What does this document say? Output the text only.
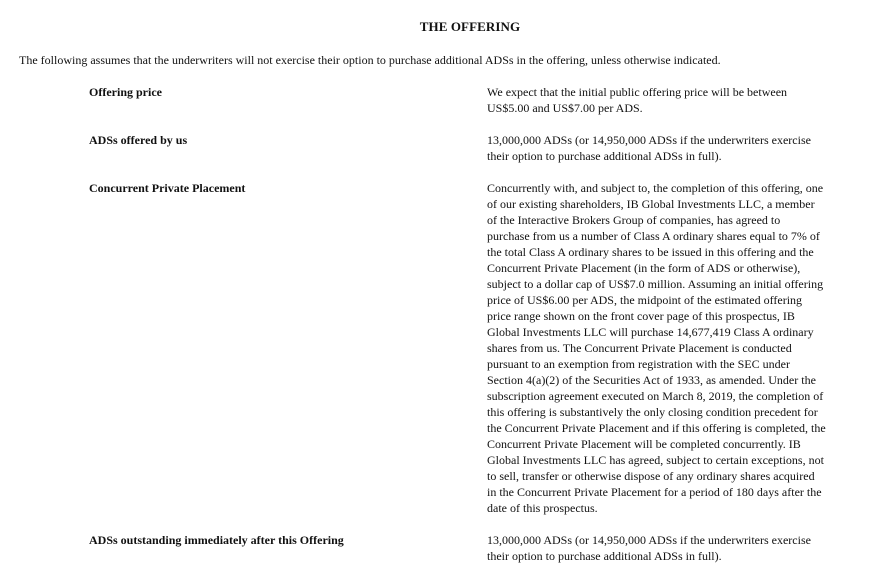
THE OFFERING
The following assumes that the underwriters will not exercise their option to purchase additional ADSs in the offering, unless otherwise indicated.
Offering price	We expect that the initial public offering price will be between
US$5.00 and US$7.00 per ADS.
ADSs offered by us	13,000,000 ADSs (or 14,950,000 ADSs if the underwriters exercise
their option to purchase additional ADSs in full).
Concurrent Private Placement	Concurrently with, and subject to, the completion of this offering, one
of our existing shareholders, IB Global Investments LLC, a member
of the Interactive Brokers Group of companies, has agreed to
purchase from us a number of Class A ordinary shares equal to 7% of
the total Class A ordinary shares to be issued in this offering and the
Concurrent Private Placement (in the form of ADS or otherwise),
subject to a dollar cap of US$7.0 million. Assuming an initial offering
price of US$6.00 per ADS, the midpoint of the estimated offering
price range shown on the front cover page of this prospectus, IB
Global Investments LLC will purchase 14,677,419 Class A ordinary
shares from us. The Concurrent Private Placement is conducted
pursuant to an exemption from registration with the SEC under
Section 4(a)(2) of the Securities Act of 1933, as amended. Under the
subscription agreement executed on March 8, 2019, the completion of
this offering is substantively the only closing condition precedent for
the Concurrent Private Placement and if this offering is completed, the
Concurrent Private Placement will be completed concurrently. IB
Global Investments LLC has agreed, subject to certain exceptions, not
to sell, transfer or otherwise dispose of any ordinary shares acquired
in the Concurrent Private Placement for a period of 180 days after the
date of this prospectus.
ADSs outstanding immediately after this Offering	13,000,000 ADSs (or 14,950,000 ADSs if the underwriters exercise
their option to purchase additional ADSs in full).
